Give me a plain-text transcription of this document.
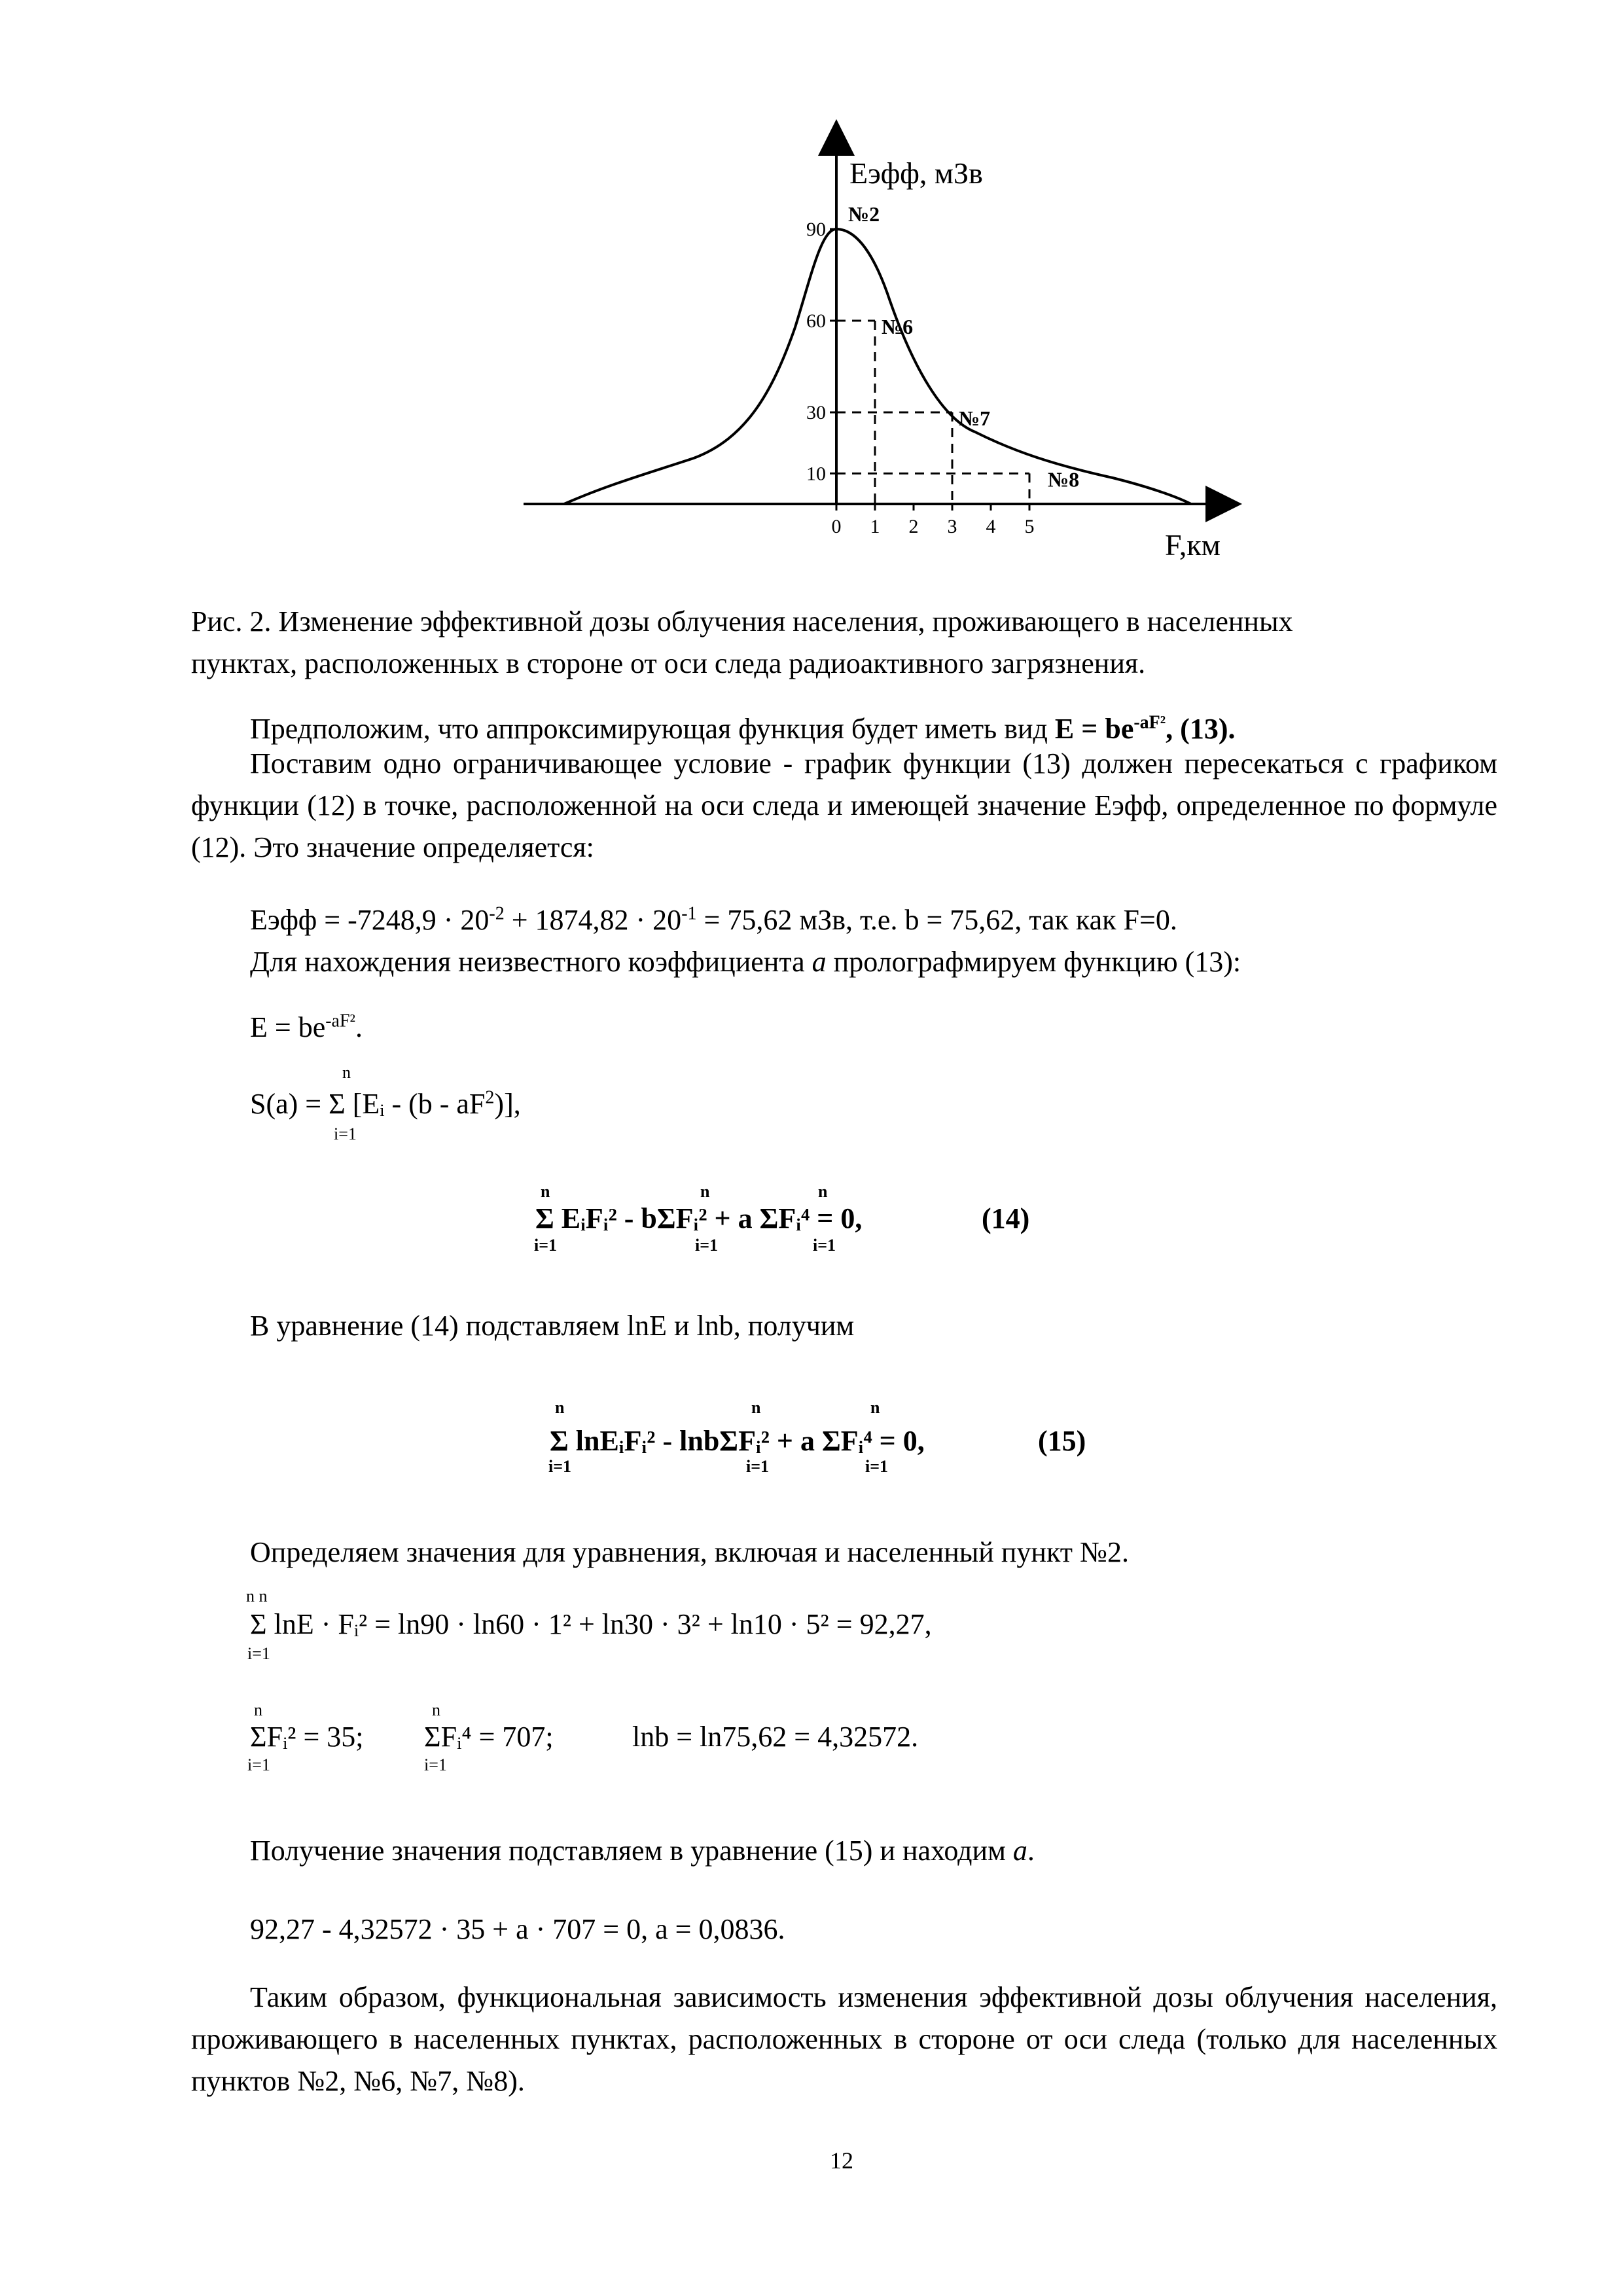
90
60
30
10
0 1 2 3 4 5
№2
№6
№7
№8
Eэфф, мЗв
F,км
Рис. 2. Изменение эффективной дозы облучения населения, проживающего в населенных
пунктах, расположенных в стороне от оси следа радиоактивного загрязнения.
Предположим, что аппроксимирующая функция будет иметь вид $E = be^{-aF^2}$, (13).
Поставим одно ограничивающее условие - график функции (13) должен пересекаться с графиком функции (12) в точке, расположенной на оси следа и имеющей значение Eэфф, определенное по формуле (12). Это значение определяется:
Eэфф = $-7248,9 \cdot 20^{-2} + 1874,82 \cdot 20^{-1} = 75,62$ мЗв, т.е. b = 75,62, так как F=0.
Для нахождения неизвестного коэффициента a пролографмируем функцию (13):
$E = be^{-aF^2}$.
n
S(a) = Σ [Eᵢ - $(b - aF^2)$],
i=1
n	n	n
Σ EᵢFᵢ² - bΣFᵢ² + a ΣFᵢ⁴ = 0,	(14)
i=1	i=1	i=1
В уравнение (14) подставляем lnE и lnb, получим
n	n	n
Σ lnEᵢFᵢ² - lnbΣFᵢ² + a ΣFᵢ⁴ = 0,	(15)
i=1	i=1	i=1
Определяем значения для уравнения, включая и населенный пункт №2.
n n
Σ lnE · Fᵢ² = ln90 · ln60 · 1² + ln30 · 3² + ln10 · 5² = 92,27,
i=1
n	n
ΣFᵢ² = 35; ΣFᵢ⁴ = 707;	lnb = ln75,62 = 4,32572.
i=1	i=1
Получение значения подставляем в уравнение (15) и находим a.
92,27 - 4,32572 · 35 + a · 707 = 0, a = 0,0836.
Таким образом, функциональная зависимость изменения эффективной дозы облучения населения, проживающего в населенных пунктах, расположенных в стороне от оси следа (только для населенных пунктов №2, №6, №7, №8).
12
